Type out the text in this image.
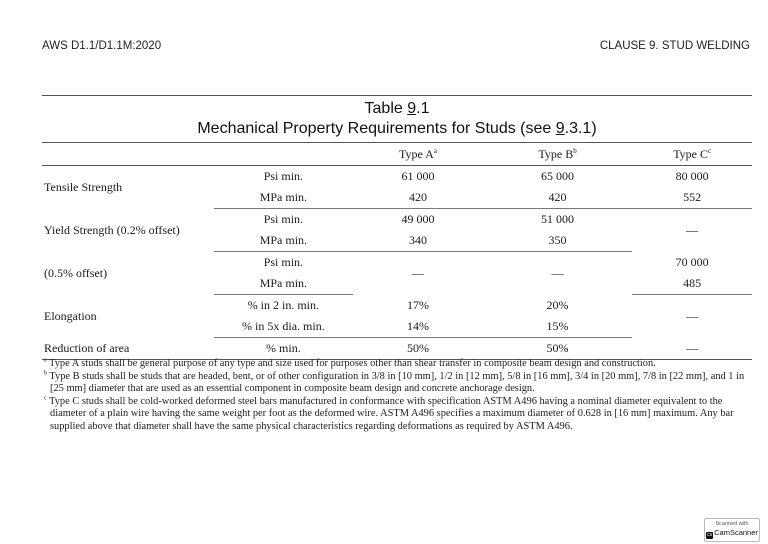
AWS D1.1/D1.1M:2020	CLAUSE 9. STUD WELDING
Table 9.1
Mechanical Property Requirements for Studs (see 9.3.1)
		Type $A^a$	Type $B^b$	Type $C^c$
Tensile Strength	Psi min.	61 000	65 000	80 000
	MPa min.	420	420	552
Yield Strength (0.2% offset)	Psi min.	49 000	51 000	—
	MPa min.	340	350	
(0.5% offset)	Psi min.	—	—	70 000
	MPa min.			485
Elongation	% in 2 in. min.	17%	20%	—
	% in 5x dia. min.	14%	15%	
Reduction of area	% min.	50%	50%	—

$^a$ Type A studs shall be general purpose of any type and size used for purposes other than shear transfer in composite beam design and construction.

$^b$ Type B studs shall be studs that are headed, bent, or of other configuration in 3/8 in [10 mm], 1/2 in [12 mm], 5/8 in [16 mm], 3/4 in [20 mm], 7/8 in [22 mm], and 1 in [25 mm] diameter that are used as an essential component in composite beam design and concrete anchorage design.

$^c$ Type C studs shall be cold-worked deformed steel bars manufactured in conformance with specification ASTM A496 having a nominal diameter equivalent to the diameter of a plain wire having the same weight per foot as the deformed wire. ASTM A496 specifies a maximum diameter of 0.628 in [16 mm] maximum. Any bar supplied above that diameter shall have the same physical characteristics regarding deformations as required by ASTM A496.

Scanned with
cs CamScanner
